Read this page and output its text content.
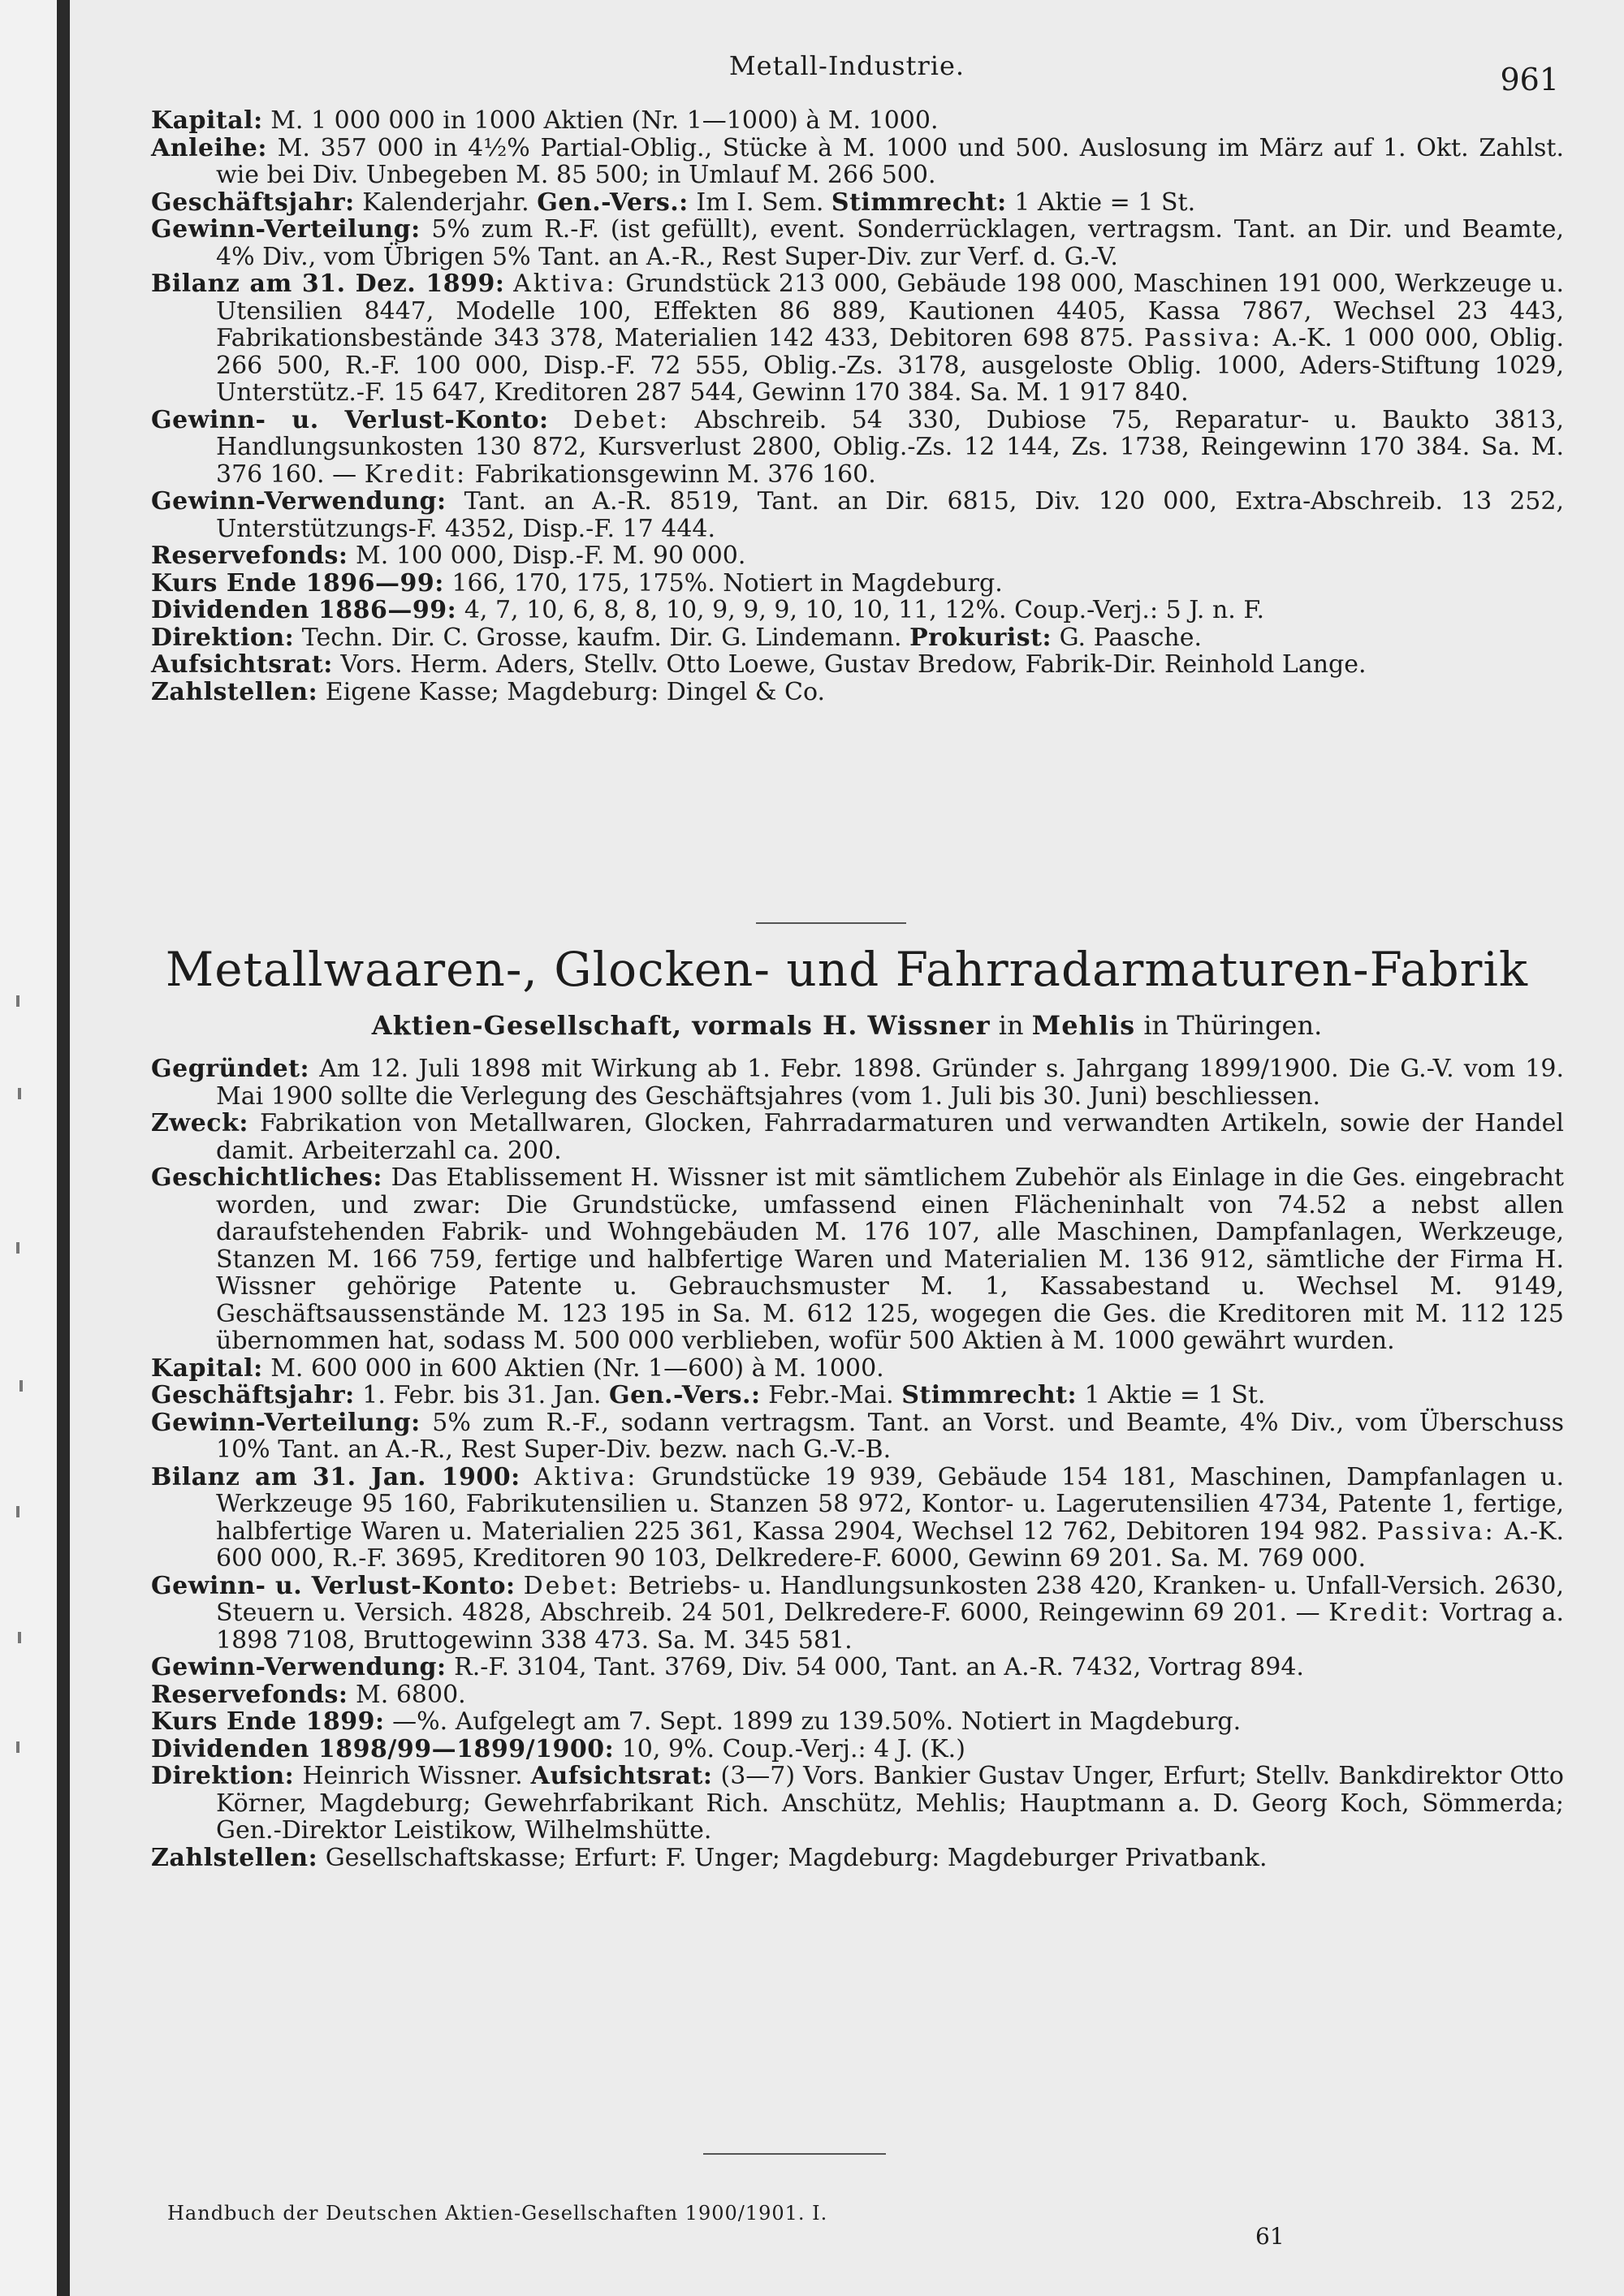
Metall-Industrie.	961

Kapital: M. 1 000 000 in 1000 Aktien (Nr. 1—1000) à M. 1000.

Anleihe: M. 357 000 in 4½% Partial-Oblig., Stücke à M. 1000 und 500. Auslosung im März auf 1. Okt. Zahlst. wie bei Div. Unbegeben M. 85 500; in Umlauf M. 266 500.

Geschäftsjahr: Kalenderjahr. Gen.-Vers.: Im I. Sem. Stimmrecht: 1 Aktie = 1 St.

Gewinn-Verteilung: 5% zum R.-F. (ist gefüllt), event. Sonderrücklagen, vertragsm. Tant. an Dir. und Beamte, 4% Div., vom Übrigen 5% Tant. an A.-R., Rest Super-Div. zur Verf. d. G.-V.

Bilanz am 31. Dez. 1899: Aktiva: Grundstück 213 000, Gebäude 198 000, Maschinen 191 000, Werkzeuge u. Utensilien 8447, Modelle 100, Effekten 86 889, Kautionen 4405, Kassa 7867, Wechsel 23 443, Fabrikationsbestände 343 378, Materialien 142 433, Debitoren 698 875. Passiva: A.-K. 1 000 000, Oblig. 266 500, R.-F. 100 000, Disp.-F. 72 555, Oblig.-Zs. 3178, ausgeloste Oblig. 1000, Aders-Stiftung 1029, Unterstütz.-F. 15 647, Kreditoren 287 544, Gewinn 170 384. Sa. M. 1 917 840.

Gewinn- u. Verlust-Konto: Debet: Abschreib. 54 330, Dubiose 75, Reparatur- u. Baukto 3813, Handlungsunkosten 130 872, Kursverlust 2800, Oblig.-Zs. 12 144, Zs. 1738, Reingewinn 170 384. Sa. M. 376 160. — Kredit: Fabrikationsgewinn M. 376 160.

Gewinn-Verwendung: Tant. an A.-R. 8519, Tant. an Dir. 6815, Div. 120 000, Extra-Abschreib. 13 252, Unterstützungs-F. 4352, Disp.-F. 17 444.

Reservefonds: M. 100 000, Disp.-F. M. 90 000.

Kurs Ende 1896—99: 166, 170, 175, 175%. Notiert in Magdeburg.

Dividenden 1886—99: 4, 7, 10, 6, 8, 8, 10, 9, 9, 9, 10, 10, 11, 12%. Coup.-Verj.: 5 J. n. F.

Direktion: Techn. Dir. C. Grosse, kaufm. Dir. G. Lindemann. Prokurist: G. Paasche.

Aufsichtsrat: Vors. Herm. Aders, Stellv. Otto Loewe, Gustav Bredow, Fabrik-Dir. Reinhold Lange.

Zahlstellen: Eigene Kasse; Magdeburg: Dingel & Co.

Metallwaaren-, Glocken- und Fahrradarmaturen-Fabrik
Aktien-Gesellschaft, vormals H. Wissner in Mehlis in Thüringen.

Gegründet: Am 12. Juli 1898 mit Wirkung ab 1. Febr. 1898. Gründer s. Jahrgang 1899/1900. Die G.-V. vom 19. Mai 1900 sollte die Verlegung des Geschäftsjahres (vom 1. Juli bis 30. Juni) beschliessen.

Zweck: Fabrikation von Metallwaren, Glocken, Fahrradarmaturen und verwandten Artikeln, sowie der Handel damit. Arbeiterzahl ca. 200.

Geschichtliches: Das Etablissement H. Wissner ist mit sämtlichem Zubehör als Einlage in die Ges. eingebracht worden, und zwar: Die Grundstücke, umfassend einen Flächeninhalt von 74.52 a nebst allen daraufstehenden Fabrik- und Wohngebäuden M. 176 107, alle Maschinen, Dampfanlagen, Werkzeuge, Stanzen M. 166 759, fertige und halbfertige Waren und Materialien M. 136 912, sämtliche der Firma H. Wissner gehörige Patente u. Gebrauchsmuster M. 1, Kassabestand u. Wechsel M. 9149, Geschäftsaussenstände M. 123 195 in Sa. M. 612 125, wogegen die Ges. die Kreditoren mit M. 112 125 übernommen hat, sodass M. 500 000 verblieben, wofür 500 Aktien à M. 1000 gewährt wurden.

Kapital: M. 600 000 in 600 Aktien (Nr. 1—600) à M. 1000.

Geschäftsjahr: 1. Febr. bis 31. Jan. Gen.-Vers.: Febr.-Mai. Stimmrecht: 1 Aktie = 1 St.

Gewinn-Verteilung: 5% zum R.-F., sodann vertragsm. Tant. an Vorst. und Beamte, 4% Div., vom Überschuss 10% Tant. an A.-R., Rest Super-Div. bezw. nach G.-V.-B.

Bilanz am 31. Jan. 1900: Aktiva: Grundstücke 19 939, Gebäude 154 181, Maschinen, Dampfanlagen u. Werkzeuge 95 160, Fabrikutensilien u. Stanzen 58 972, Kontor- u. Lagerutensilien 4734, Patente 1, fertige, halbfertige Waren u. Materialien 225 361, Kassa 2904, Wechsel 12 762, Debitoren 194 982. Passiva: A.-K. 600 000, R.-F. 3695, Kreditoren 90 103, Delkredere-F. 6000, Gewinn 69 201. Sa. M. 769 000.

Gewinn- u. Verlust-Konto: Debet: Betriebs- u. Handlungsunkosten 238 420, Kranken- u. Unfall-Versich. 2630, Steuern u. Versich. 4828, Abschreib. 24 501, Delkredere-F. 6000, Reingewinn 69 201. — Kredit: Vortrag a. 1898 7108, Bruttogewinn 338 473. Sa. M. 345 581.

Gewinn-Verwendung: R.-F. 3104, Tant. 3769, Div. 54 000, Tant. an A.-R. 7432, Vortrag 894.

Reservefonds: M. 6800.

Kurs Ende 1899: —%. Aufgelegt am 7. Sept. 1899 zu 139.50%. Notiert in Magdeburg.

Dividenden 1898/99—1899/1900: 10, 9%. Coup.-Verj.: 4 J. (K.)

Direktion: Heinrich Wissner. Aufsichtsrat: (3—7) Vors. Bankier Gustav Unger, Erfurt; Stellv. Bankdirektor Otto Körner, Magdeburg; Gewehrfabrikant Rich. Anschütz, Mehlis; Hauptmann a. D. Georg Koch, Sömmerda; Gen.-Direktor Leistikow, Wilhelmshütte.

Zahlstellen: Gesellschaftskasse; Erfurt: F. Unger; Magdeburg: Magdeburger Privatbank.

Handbuch der Deutschen Aktien-Gesellschaften 1900/1901. I.
61
